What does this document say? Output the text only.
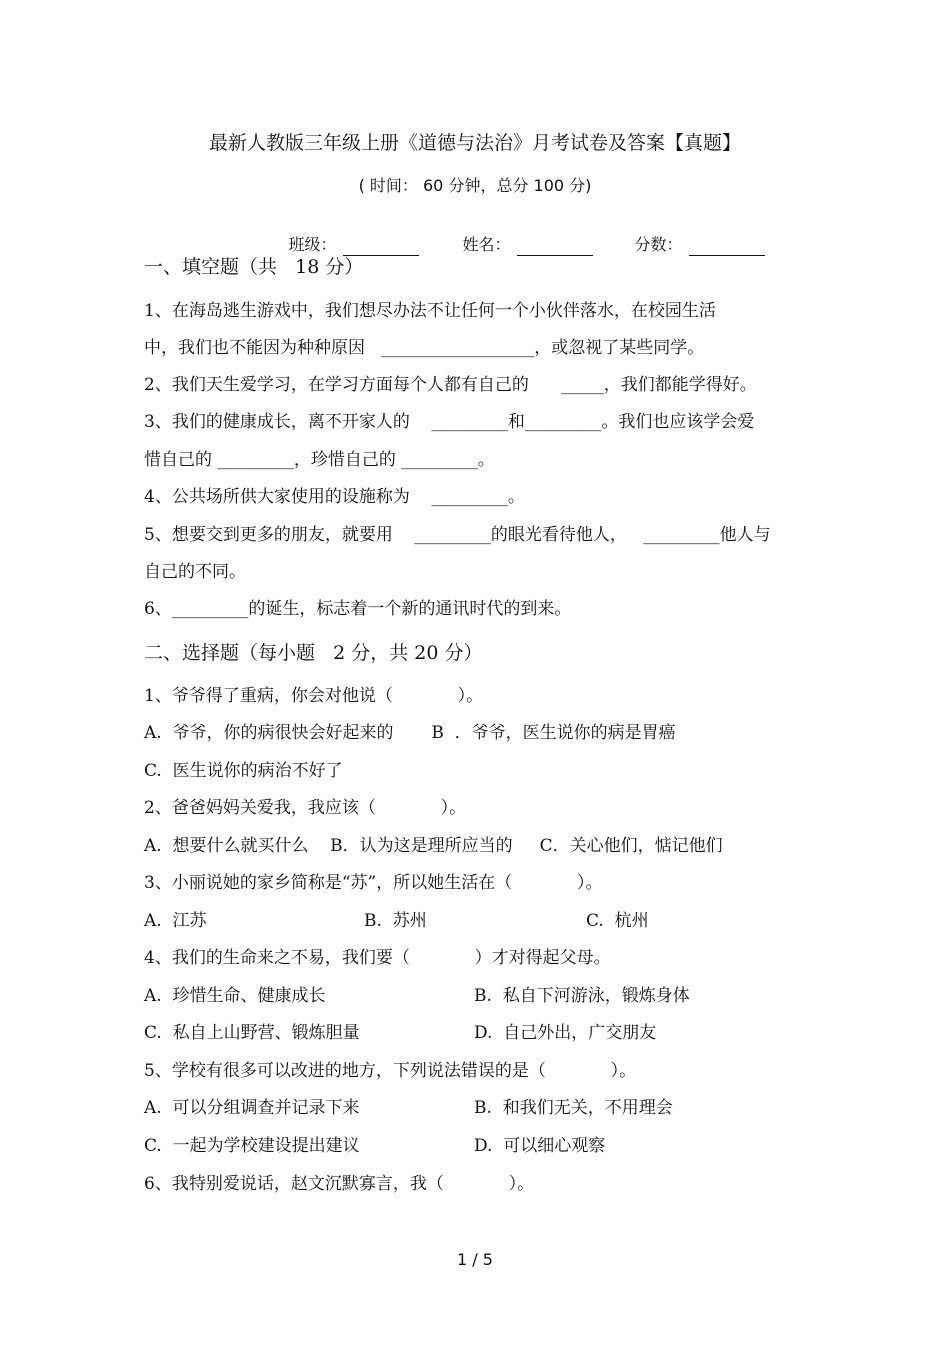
最新人教版三年级上册《道德与法治》月考试卷及答案【真题】
( 时间： 60 分钟，总分 100 分)

班级：
	姓名：
	分数：

一、填空题（共   18 分）
1、在海岛逃生游戏中，我们想尽办法不让任何一个小伙伴落水，在校园生活
中，我们也不能因为种种原因   __________________，或忽视了某些同学。
2、我们天生爱学习，在学习方面每个人都有自己的      _____，我们都能学得好。
3、我们的健康成长，离不开家人的    _________和_________。我们也应该学会爱
惜自己的 _________，珍惜自己的 _________。
4、公共场所供大家使用的设施称为    _________。
5、想要交到更多的朋友，就要用    _________的眼光看待他人，   _________他人与
自己的不同。
6、_________的诞生，标志着一个新的通讯时代的到来。
二、选择题（每小题   2 分，共 20 分）
1、爷爷得了重病，你会对他说（            ）。
A.  爷爷，你的病很快会好起来的       B  ．爷爷，医生说你的病是胃癌
C.  医生说你的病治不好了
2、爸爸妈妈关爱我，我应该（            ）。
A.  想要什么就买什么    B．认为这是理所应当的     C．关心他们，惦记他们
3、小丽说她的家乡简称是“苏”，所以她生活在（            ）。
A.  江苏	B.  苏州	C.  杭州
4、我们的生命来之不易，我们要（            ）才对得起父母。
A.  珍惜生命、健康成长	B.  私自下河游泳，锻炼身体
C.  私自上山野营、锻炼胆量	D.  自己外出，广交朋友
5、学校有很多可以改进的地方，下列说法错误的是（            ）。
A.  可以分组调查并记录下来	B.  和我们无关，不用理会
C.  一起为学校建设提出建议	D.  可以细心观察
6、我特别爱说话，赵文沉默寡言，我（            ）。
1 / 5
